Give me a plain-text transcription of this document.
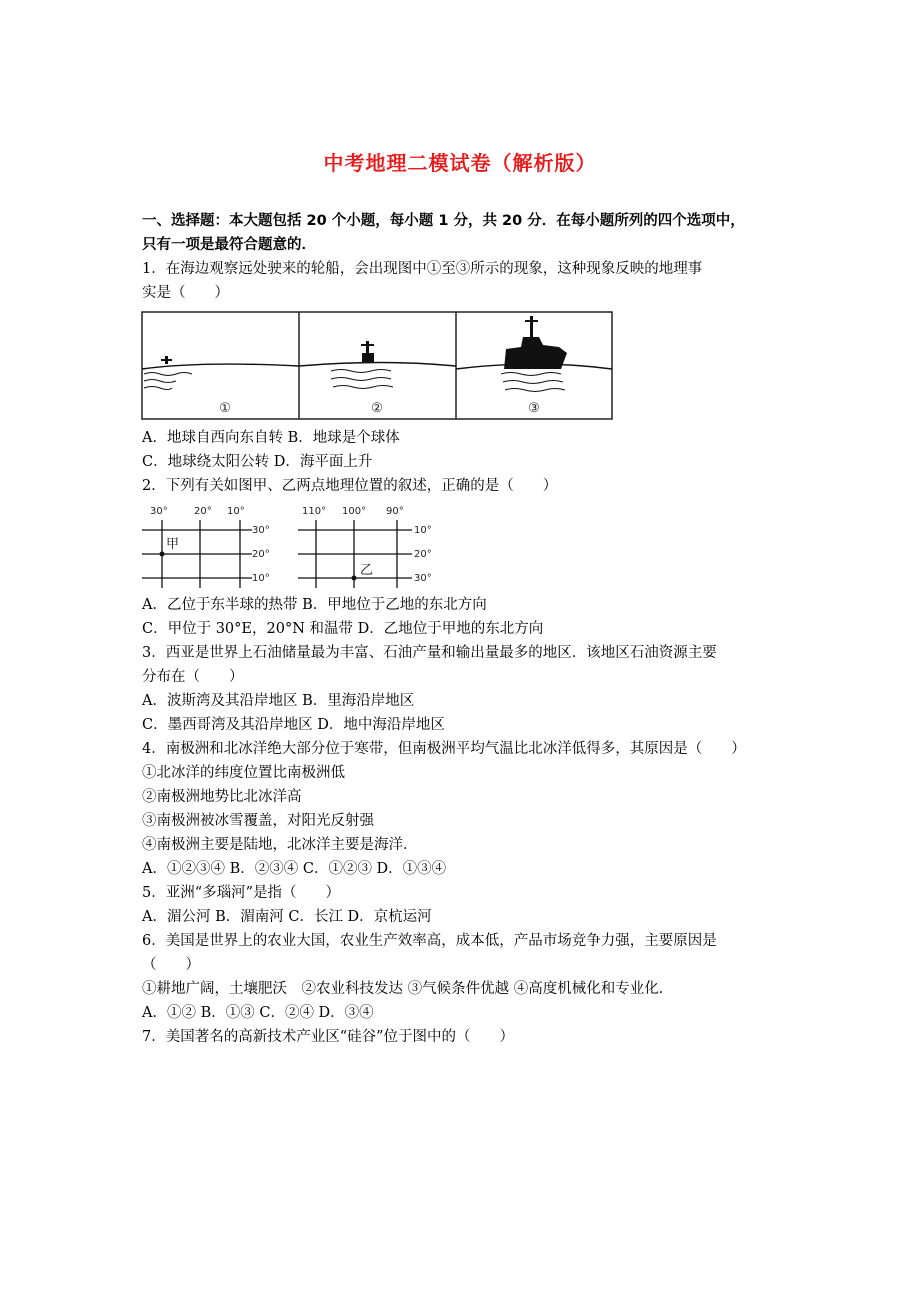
中考地理二模试卷（解析版）
一、选择题：本大题包括 20 个小题，每小题 1 分，共 20 分．在每小题所列的四个选项中，
只有一项是最符合题意的．
1．在海边观察远处驶来的轮船，会出现图中①至③所示的现象，这种现象反映的地理事
实是（　　）
①	②	③
A．地球自西向东自转 B．地球是个球体
C．地球绕太阳公转 D．海平面上升
2．下列有关如图甲、乙两点地理位置的叙述，正确的是（　　）
30°	20° 10°
30°
20°
10°
甲
110° 100° 90°
10°
20°
30°
乙
A．乙位于东半球的热带 B．甲地位于乙地的东北方向
C．甲位于 30°E，20°N 和温带 D．乙地位于甲地的东北方向
3．西亚是世界上石油储量最为丰富、石油产量和输出量最多的地区．该地区石油资源主要
分布在（　　）
A．波斯湾及其沿岸地区 B．里海沿岸地区
C．墨西哥湾及其沿岸地区 D．地中海沿岸地区
4．南极洲和北冰洋绝大部分位于寒带，但南极洲平均气温比北冰洋低得多，其原因是（　　）
①北冰洋的纬度位置比南极洲低
②南极洲地势比北冰洋高
③南极洲被冰雪覆盖，对阳光反射强
④南极洲主要是陆地，北冰洋主要是海洋．
A．①②③④ B．②③④ C．①②③ D．①③④
5．亚洲“多瑙河”是指（　　）
A．湄公河 B．湄南河 C．长江 D．京杭运河
6．美国是世界上的农业大国，农业生产效率高，成本低，产品市场竞争力强，主要原因是
（　　）
①耕地广阔，土壤肥沃　②农业科技发达 ③气候条件优越 ④高度机械化和专业化．
A．①② B．①③ C．②④ D．③④
7．美国著名的高新技术产业区“硅谷”位于图中的（　　）
